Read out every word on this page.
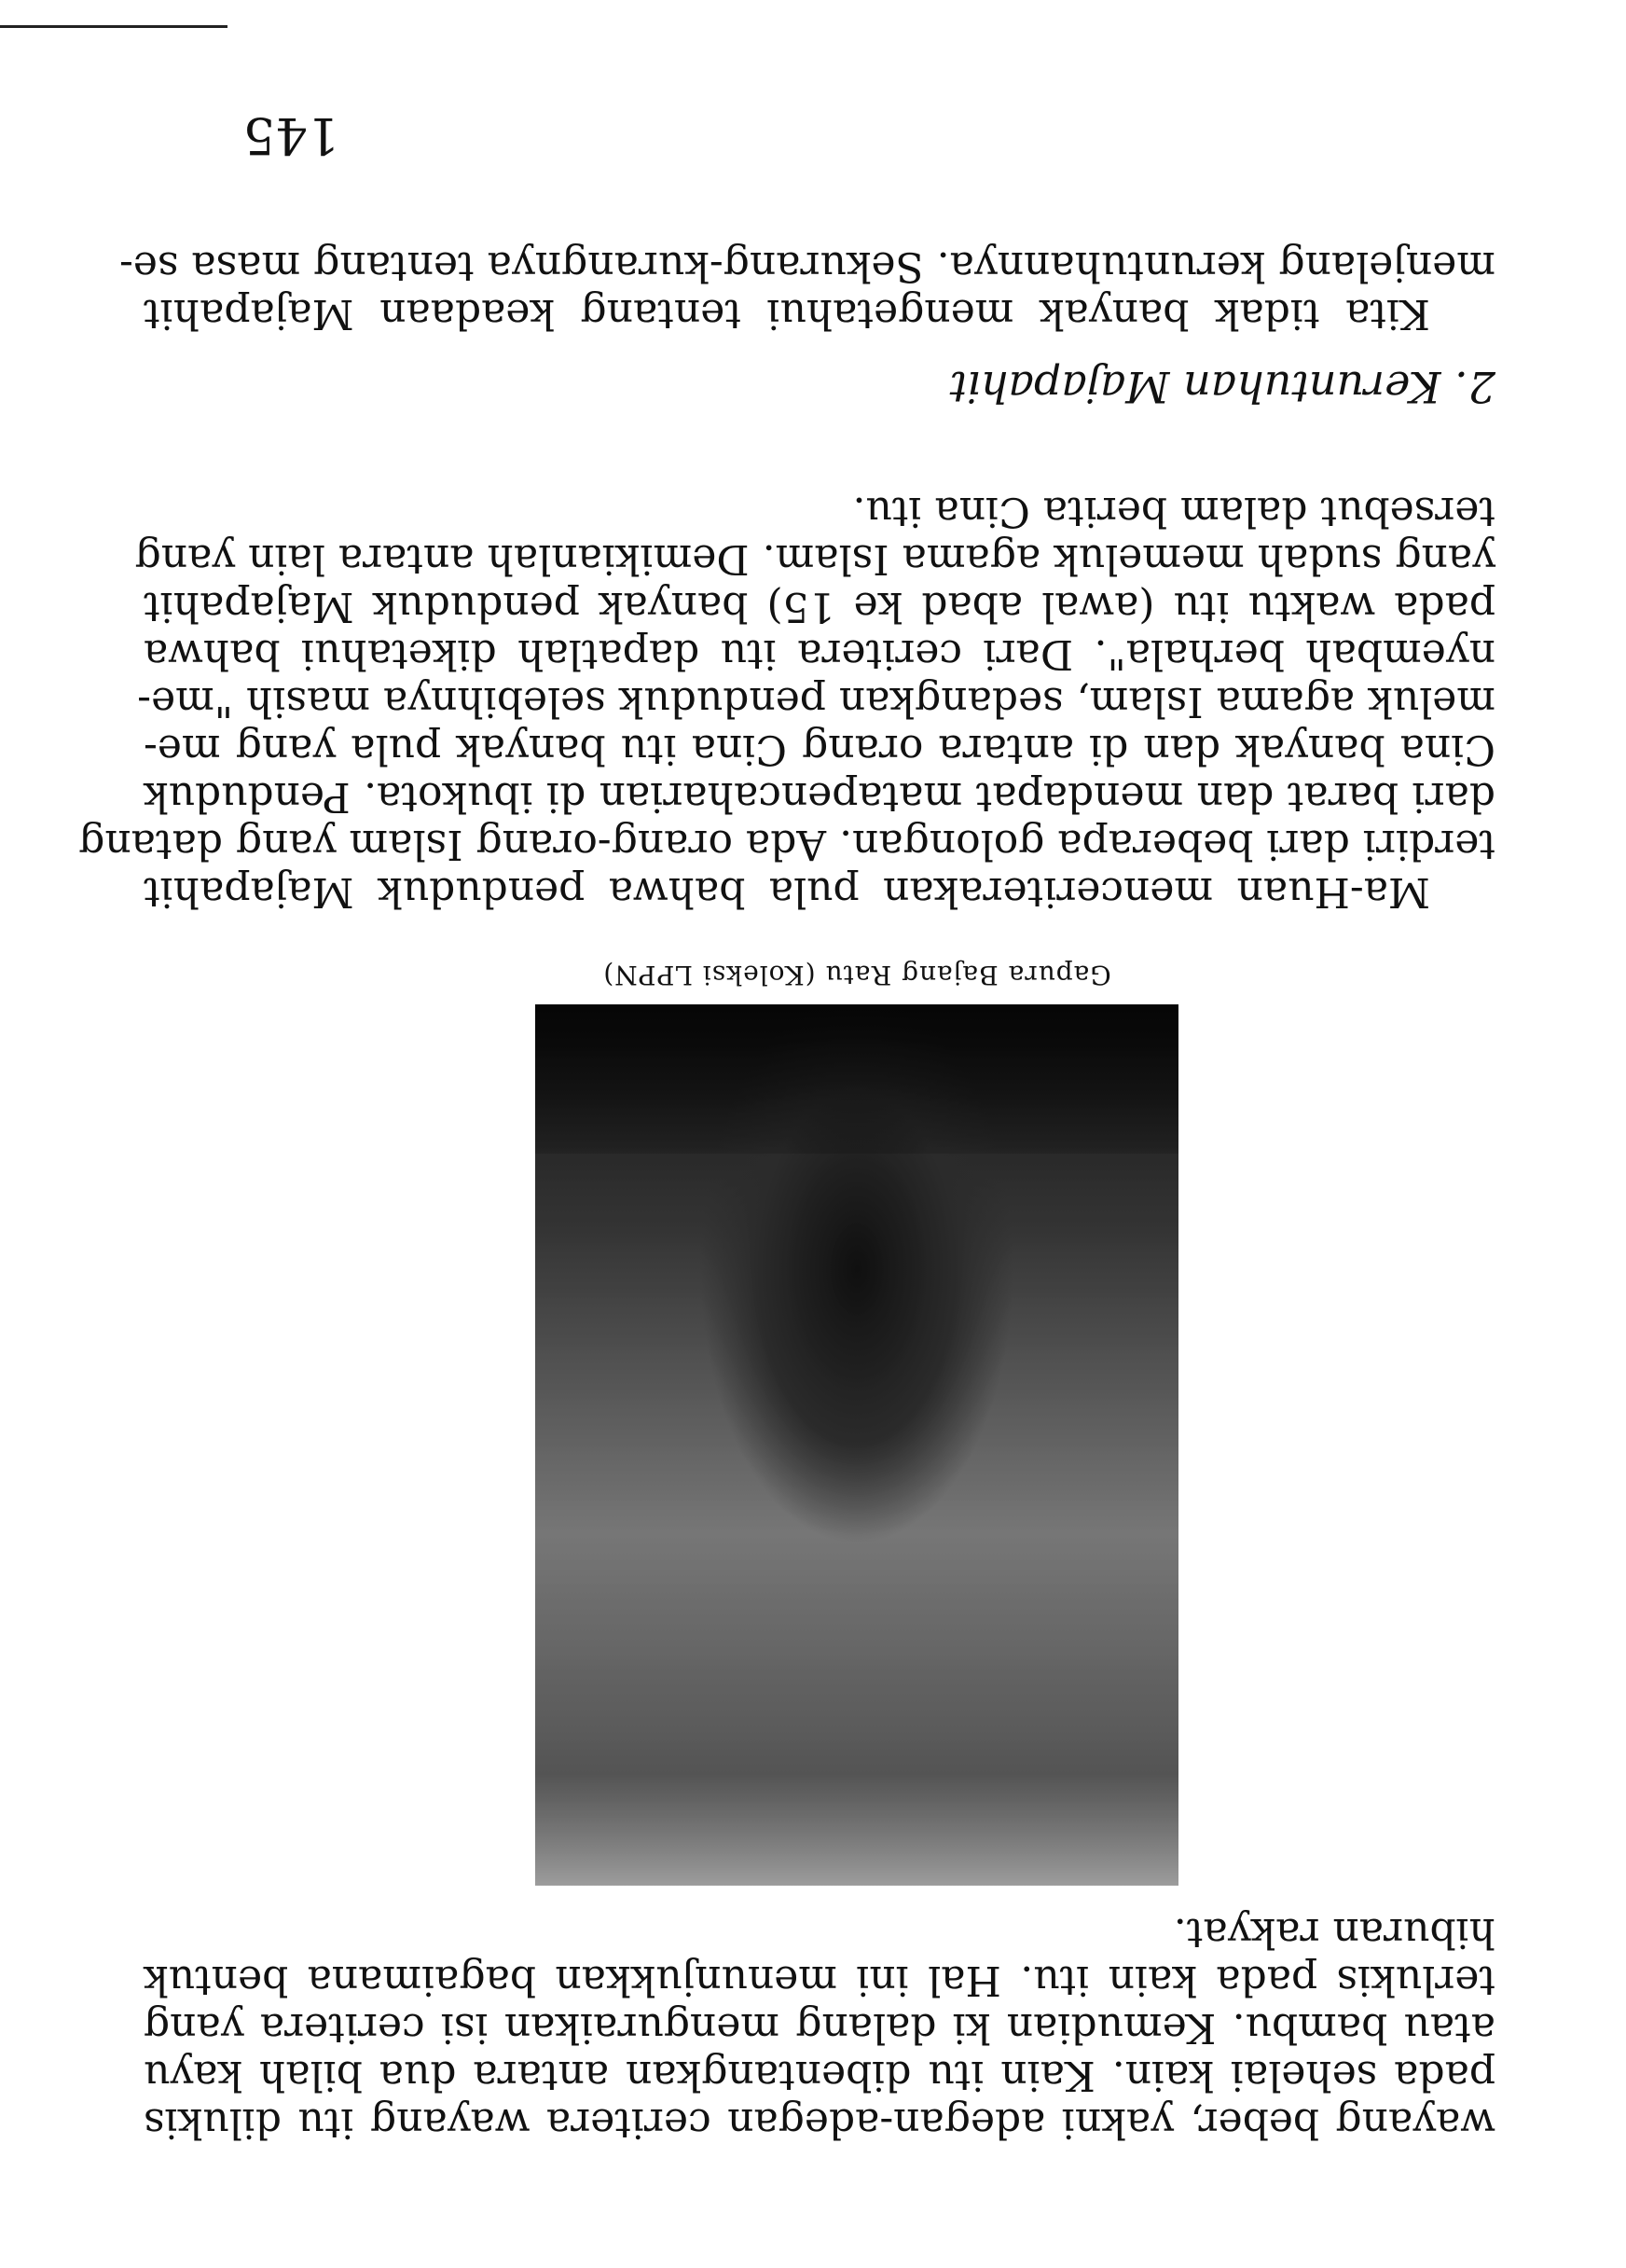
wayang beber, yakni adegan-adegan ceritera wayang itu dilukis
pada sehelai kain. Kain itu dibentangkan antara dua bilah kayu
atau bambu. Kemudian ki dalang menguraikan isi ceritera yang
terlukis pada kain itu. Hal ini menunjukkan bagaimana bentuk
hiburan rakyat.
Gapura Bajang Ratu (Koleksi LPPN)
Ma-Huan menceriterakan pula bahwa penduduk Majapahit
terdiri dari beberapa golongan. Ada orang-orang Islam yang datang
dari barat dan mendapat matapencaharian di ibukota. Penduduk
Cina banyak dan di antara orang Cina itu banyak pula yang me-
meluk agama Islam, sedangkan penduduk selebihnya masih "me-
nyembah berhala". Dari ceritera itu dapatlah diketahui bahwa
pada waktu itu (awal abad ke 15) banyak penduduk Majapahit
yang sudah memeluk agama Islam. Demikianlah antara lain yang
tersebut dalam berita Cina itu.
2. Keruntuhan Majapahit
Kita tidak banyak mengetahui tentang keadaan Majapahit
menjelang keruntuhannya. Sekurang-kurangnya tentang masa se-
145
